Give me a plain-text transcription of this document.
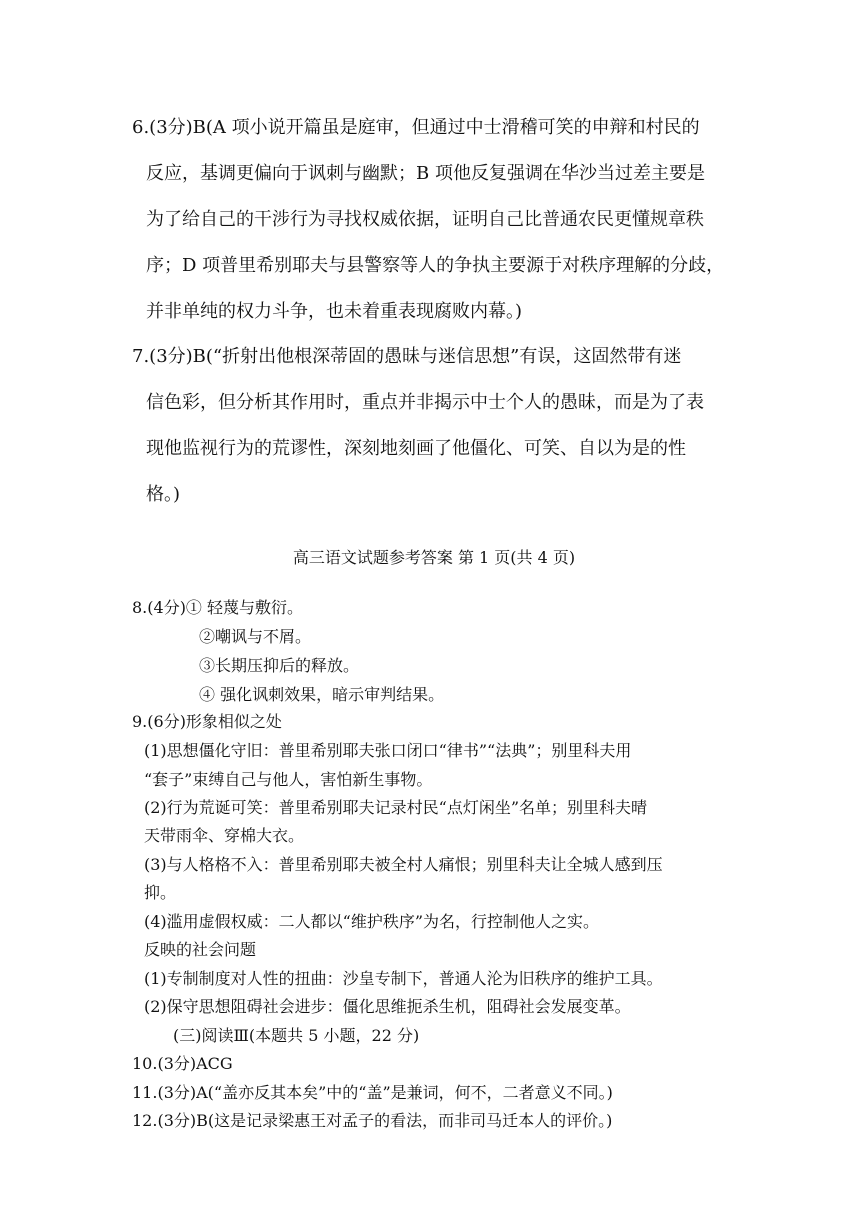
6.(3分)B(A 项小说开篇虽是庭审，但通过中士滑稽可笑的申辩和村民的
反应，基调更偏向于讽刺与幽默；B 项他反复强调在华沙当过差主要是
为了给自己的干涉行为寻找权威依据，证明自己比普通农民更懂规章秩
序；D 项普里希别耶夫与县警察等人的争执主要源于对秩序理解的分歧，
并非单纯的权力斗争，也未着重表现腐败内幕。)
7.(3分)B(“折射出他根深蒂固的愚昧与迷信思想”有误，这固然带有迷
信色彩，但分析其作用时，重点并非揭示中士个人的愚昧，而是为了表
现他监视行为的荒谬性，深刻地刻画了他僵化、可笑、自以为是的性
格。)
高三语文试题参考答案 第 1 页(共 4 页)
8.(4分)① 轻蔑与敷衍。
②嘲讽与不屑。
③长期压抑后的释放。
④ 强化讽刺效果，暗示审判结果。
9.(6分)形象相似之处
(1)思想僵化守旧：普里希别耶夫张口闭口“律书”“法典”；别里科夫用
“套子”束缚自己与他人，害怕新生事物。
(2)行为荒诞可笑：普里希别耶夫记录村民“点灯闲坐”名单；别里科夫晴
天带雨伞、穿棉大衣。
(3)与人格格不入：普里希别耶夫被全村人痛恨；别里科夫让全城人感到压
抑。
(4)滥用虚假权威：二人都以“维护秩序”为名，行控制他人之实。
反映的社会问题
(1)专制制度对人性的扭曲：沙皇专制下，普通人沦为旧秩序的维护工具。
(2)保守思想阻碍社会进步：僵化思维扼杀生机，阻碍社会发展变革。
(三)阅读Ⅲ(本题共 5 小题，22 分)
10.(3分)ACG
11.(3分)A(“盖亦反其本矣”中的“盖”是兼词，何不，二者意义不同。)
12.(3分)B(这是记录梁惠王对孟子的看法，而非司马迁本人的评价。)
